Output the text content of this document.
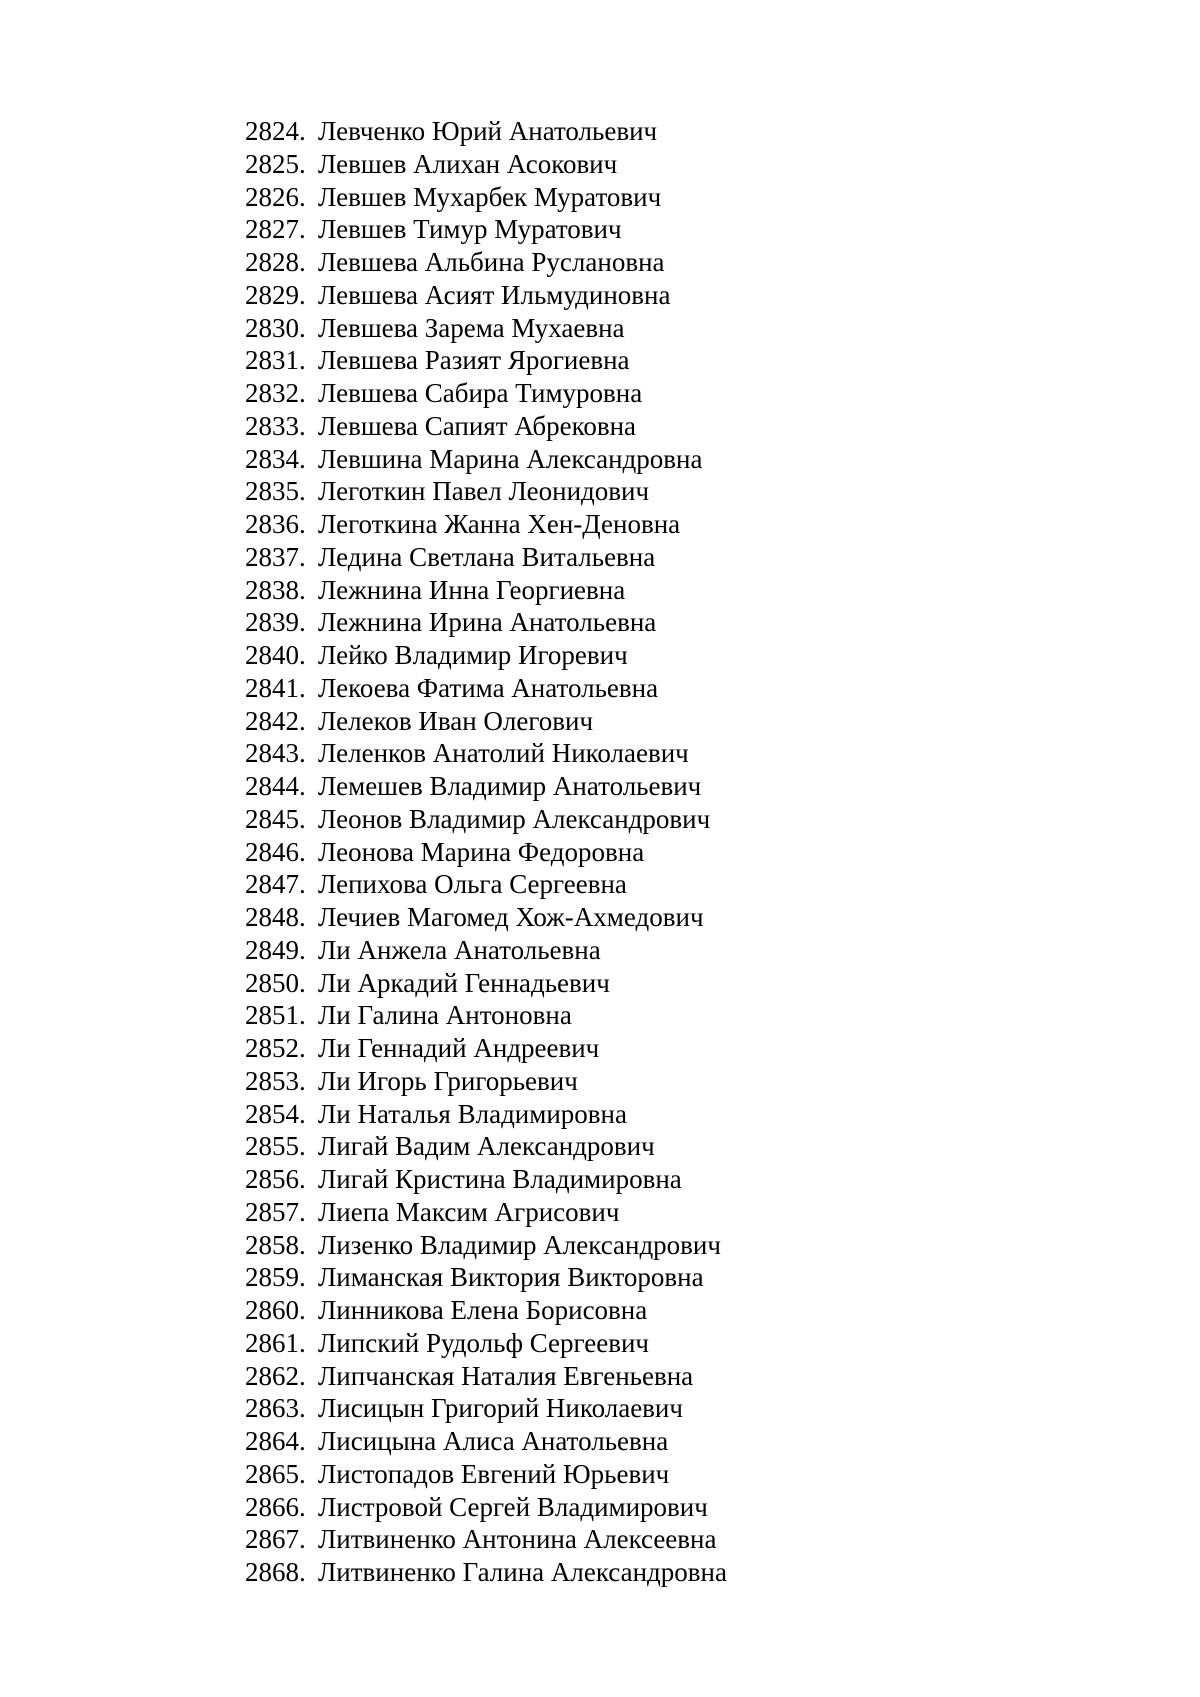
2824. Левченко Юрий Анатольевич
2825. Левшев Алихан Асокович
2826. Левшев Мухарбек Муратович
2827. Левшев Тимур Муратович
2828. Левшева Альбина Руслановна
2829. Левшева Асият Ильмудиновна
2830. Левшева Зарема Мухаевна
2831. Левшева Разият Ярогиевна
2832. Левшева Сабира Тимуровна
2833. Левшева Сапият Абрековна
2834. Левшина Марина Александровна
2835. Леготкин Павел Леонидович
2836. Леготкина Жанна Хен-Деновна
2837. Ледина Светлана Витальевна
2838. Лежнина Инна Георгиевна
2839. Лежнина Ирина Анатольевна
2840. Лейко Владимир Игоревич
2841. Лекоева Фатима Анатольевна
2842. Лелеков Иван Олегович
2843. Леленков Анатолий Николаевич
2844. Лемешев Владимир Анатольевич
2845. Леонов Владимир Александрович
2846. Леонова Марина Федоровна
2847. Лепихова Ольга Сергеевна
2848. Лечиев Магомед Хож-Ахмедович
2849. Ли Анжела Анатольевна
2850. Ли Аркадий Геннадьевич
2851. Ли Галина Антоновна
2852. Ли Геннадий Андреевич
2853. Ли Игорь Григорьевич
2854. Ли Наталья Владимировна
2855. Лигай Вадим Александрович
2856. Лигай Кристина Владимировна
2857. Лиепа Максим Агрисович
2858. Лизенко Владимир Александрович
2859. Лиманская Виктория Викторовна
2860. Линникова Елена Борисовна
2861. Липский Рудольф Сергеевич
2862. Липчанская Наталия Евгеньевна
2863. Лисицын Григорий Николаевич
2864. Лисицына Алиса Анатольевна
2865. Листопадов Евгений Юрьевич
2866. Листровой Сергей Владимирович
2867. Литвиненко Антонина Алексеевна
2868. Литвиненко Галина Александровна
